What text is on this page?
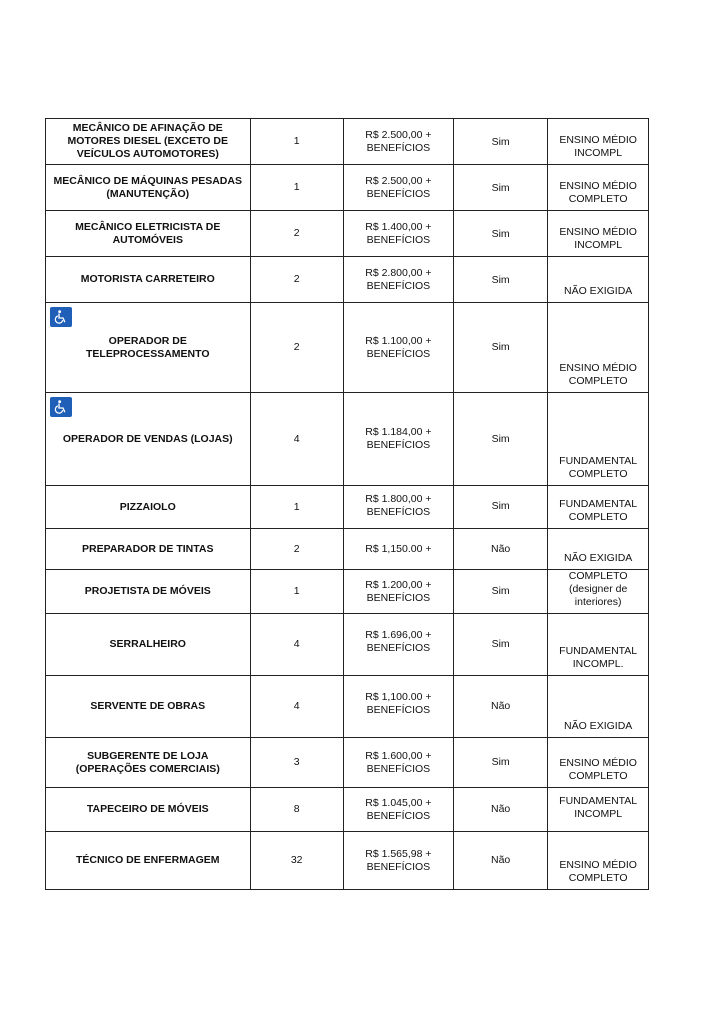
MECÂNICO DE AFINAÇÃO DE MOTORES DIESEL (EXCETO DE VEÍCULOS AUTOMOTORES)	1	R$ 2.500,00 + BENEFÍCIOS	Sim	ENSINO MÉDIO INCOMPL

MECÂNICO DE MÁQUINAS PESADAS (MANUTENÇÃO)	1	R$ 2.500,00 + BENEFÍCIOS	Sim	ENSINO MÉDIO COMPLETO

MECÂNICO ELETRICISTA DE AUTOMÓVEIS	2	R$ 1.400,00 + BENEFÍCIOS	Sim	ENSINO MÉDIO INCOMPL

MOTORISTA CARRETEIRO	2	R$ 2.800,00 + BENEFÍCIOS	Sim	NÃO EXIGIDA

OPERADOR DE TELEPROCESSAMENTO	2	R$ 1.100,00 + BENEFÍCIOS	Sim	ENSINO MÉDIO COMPLETO

OPERADOR DE VENDAS (LOJAS)	4	R$ 1.184,00 + BENEFÍCIOS	Sim	FUNDAMENTAL COMPLETO

PIZZAIOLO	1	R$ 1.800,00 + BENEFÍCIOS	Sim	FUNDAMENTAL COMPLETO

PREPARADOR DE TINTAS	2	R$ 1,150.00 +	Não	NÃO EXIGIDA

PROJETISTA DE MÓVEIS	1	R$ 1.200,00 + BENEFÍCIOS	Sim	COMPLETO (designer de interiores)

SERRALHEIRO	4	R$ 1.696,00 + BENEFÍCIOS	Sim	FUNDAMENTAL INCOMPL.

SERVENTE DE OBRAS	4	R$ 1,100.00 + BENEFÍCIOS	Não	NÃO EXIGIDA

SUBGERENTE DE LOJA (OPERAÇÕES COMERCIAIS)	3	R$ 1.600,00 + BENEFÍCIOS	Sim	ENSINO MÉDIO COMPLETO

TAPECEIRO DE MÓVEIS	8	R$ 1.045,00 + BENEFÍCIOS	Não	FUNDAMENTAL INCOMPL

TÉCNICO DE ENFERMAGEM	32	R$ 1.565,98 + BENEFÍCIOS	Não	ENSINO MÉDIO COMPLETO
